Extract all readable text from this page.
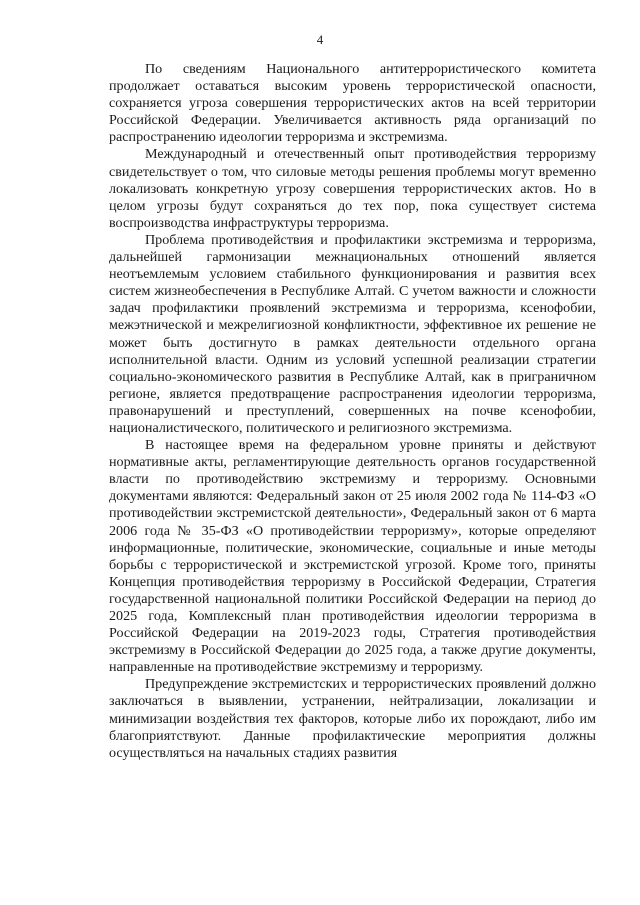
4

По сведениям Национального антитеррористического комитета продолжает оставаться высоким уровень террористической опасности, сохраняется угроза совершения террористических актов на всей территории Российской Федерации. Увеличивается активность ряда организаций по распространению идеологии терроризма и экстремизма.

Международный и отечественный опыт противодействия терроризму свидетельствует о том, что силовые методы решения проблемы могут временно локализовать конкретную угрозу совершения террористических актов. Но в целом угрозы будут сохраняться до тех пор, пока существует система воспроизводства инфраструктуры терроризма.

Проблема противодействия и профилактики экстремизма и терроризма, дальнейшей гармонизации межнациональных отношений является неотъемлемым условием стабильного функционирования и развития всех систем жизнеобеспечения в Республике Алтай. С учетом важности и сложности задач профилактики проявлений экстремизма и терроризма, ксенофобии, межэтнической и межрелигиозной конфликтности, эффективное их решение не может быть достигнуто в рамках деятельности отдельного органа исполнительной власти. Одним из условий успешной реализации стратегии социально-экономического развития в Республике Алтай, как в приграничном регионе, является предотвращение распространения идеологии терроризма, правонарушений и преступлений, совершенных на почве ксенофобии, националистического, политического и религиозного экстремизма.

В настоящее время на федеральном уровне приняты и действуют нормативные акты, регламентирующие деятельность органов государственной власти по противодействию экстремизму и терроризму. Основными документами являются: Федеральный закон от 25 июля 2002 года № 114-ФЗ «О противодействии экстремистской деятельности», Федеральный закон от 6 марта 2006 года № 35-ФЗ «О противодействии терроризму», которые определяют информационные, политические, экономические, социальные и иные методы борьбы с террористической и экстремистской угрозой. Кроме того, приняты Концепция противодействия терроризму в Российской Федерации, Стратегия государственной национальной политики Российской Федерации на период до 2025 года, Комплексный план противодействия идеологии терроризма в Российской Федерации на 2019-2023 годы, Стратегия противодействия экстремизму в Российской Федерации до 2025 года, а также другие документы, направленные на противодействие экстремизму и терроризму.

Предупреждение экстремистских и террористических проявлений должно заключаться в выявлении, устранении, нейтрализации, локализации и минимизации воздействия тех факторов, которые либо их порождают, либо им благоприятствуют. Данные профилактические мероприятия должны осуществляться на начальных стадиях развития
